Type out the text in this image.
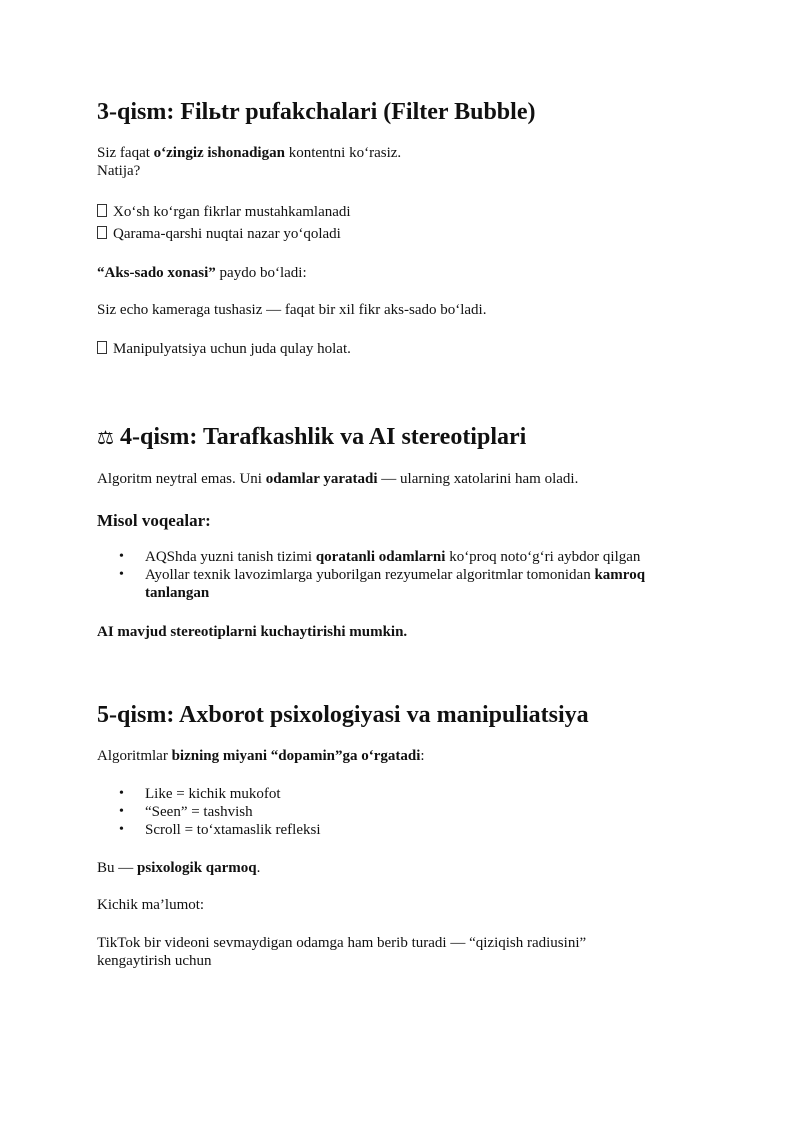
3-qism: Filьtr pufakchalari (Filter Bubble)
Siz faqat o‘zingiz ishonadigan kontentni ko‘rasiz.
Natija?
Xo‘sh ko‘rgan fikrlar mustahkamlanadi
Qarama-qarshi nuqtai nazar yo‘qoladi
“Aks-sado xonasi” paydo bo‘ladi:
Siz echo kameraga tushasiz — faqat bir xil fikr aks-sado bo‘ladi.
Manipulyatsiya uchun juda qulay holat.
⚖ 4-qism: Tarafkashlik va AI stereotiplari
Algoritm neytral emas. Uni odamlar yaratadi — ularning xatolarini ham oladi.
Misol voqealar:
• AQShda yuzni tanish tizimi qoratanli odamlarni ko‘proq noto‘g‘ri aybdor qilgan
• Ayollar texnik lavozimlarga yuborilgan rezyumelar algoritmlar tomonidan kamroq tanlangan
AI mavjud stereotiplarni kuchaytirishi mumkin.
5-qism: Axborot psixologiyasi va manipuliatsiya
Algoritmlar bizning miyani “dopamin”ga o‘rgatadi:
• Like = kichik mukofot
• “Seen” = tashvish
• Scroll = to‘xtamaslik refleksi
Bu — psixologik qarmoq.
Kichik ma’lumot:

TikTok bir videoni sevmaydigan odamga ham berib turadi — “qiziqish radiusini” kengaytirish uchun
